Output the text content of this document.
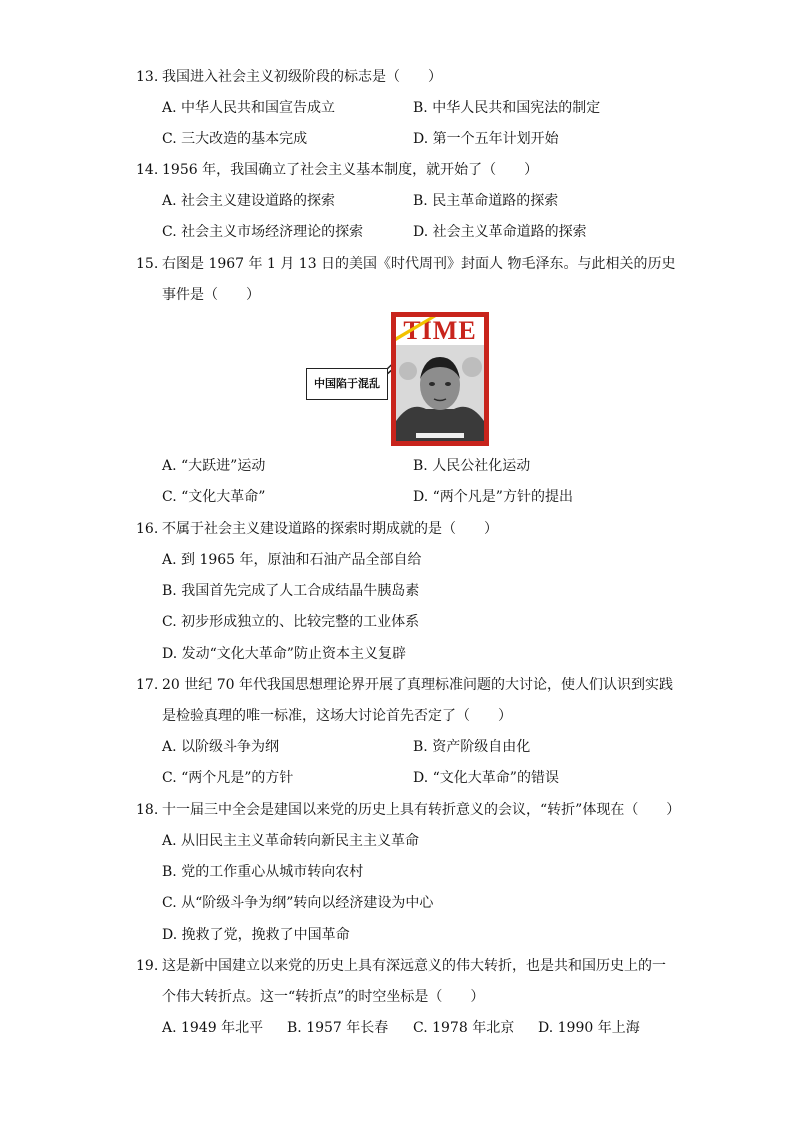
13. 我国进入社会主义初级阶段的标志是（　　）
A. 中华人民共和国宣告成立	B. 中华人民共和国宪法的制定
C. 三大改造的基本完成	D. 第一个五年计划开始
14. 1956 年，我国确立了社会主义基本制度，就开始了（　　）
A. 社会主义建设道路的探索	B. 民主革命道路的探索
C. 社会主义市场经济理论的探索	D. 社会主义革命道路的探索
15. 右图是 1967 年 1 月 13 日的美国《时代周刊》封面人 物毛泽东。与此相关的历史
事件是（　　）
中国陷于混乱
TIME
A. “大跃进”运动	B. 人民公社化运动
C. “文化大革命”	D. “两个凡是”方针的提出
16. 不属于社会主义建设道路的探索时期成就的是（　　）
A. 到 1965 年，原油和石油产品全部自给
B. 我国首先完成了人工合成结晶牛胰岛素
C. 初步形成独立的、比较完整的工业体系
D. 发动“文化大革命”防止资本主义复辟
17. 20 世纪 70 年代我国思想理论界开展了真理标准问题的大讨论，使人们认识到实践
是检验真理的唯一标准，这场大讨论首先否定了（　　）
A. 以阶级斗争为纲	B. 资产阶级自由化
C. “两个凡是”的方针	D. “文化大革命”的错误
18. 十一届三中全会是建国以来党的历史上具有转折意义的会议，“转折”体现在（　　）
A. 从旧民主主义革命转向新民主主义革命
B. 党的工作重心从城市转向农村
C. 从“阶级斗争为纲”转向以经济建设为中心
D. 挽救了党，挽救了中国革命
19. 这是新中国建立以来党的历史上具有深远意义的伟大转折，也是共和国历史上的一
个伟大转折点。这一“转折点”的时空坐标是（　　）
A. 1949 年北平 B. 1957 年长春 C. 1978 年北京 D. 1990 年上海
